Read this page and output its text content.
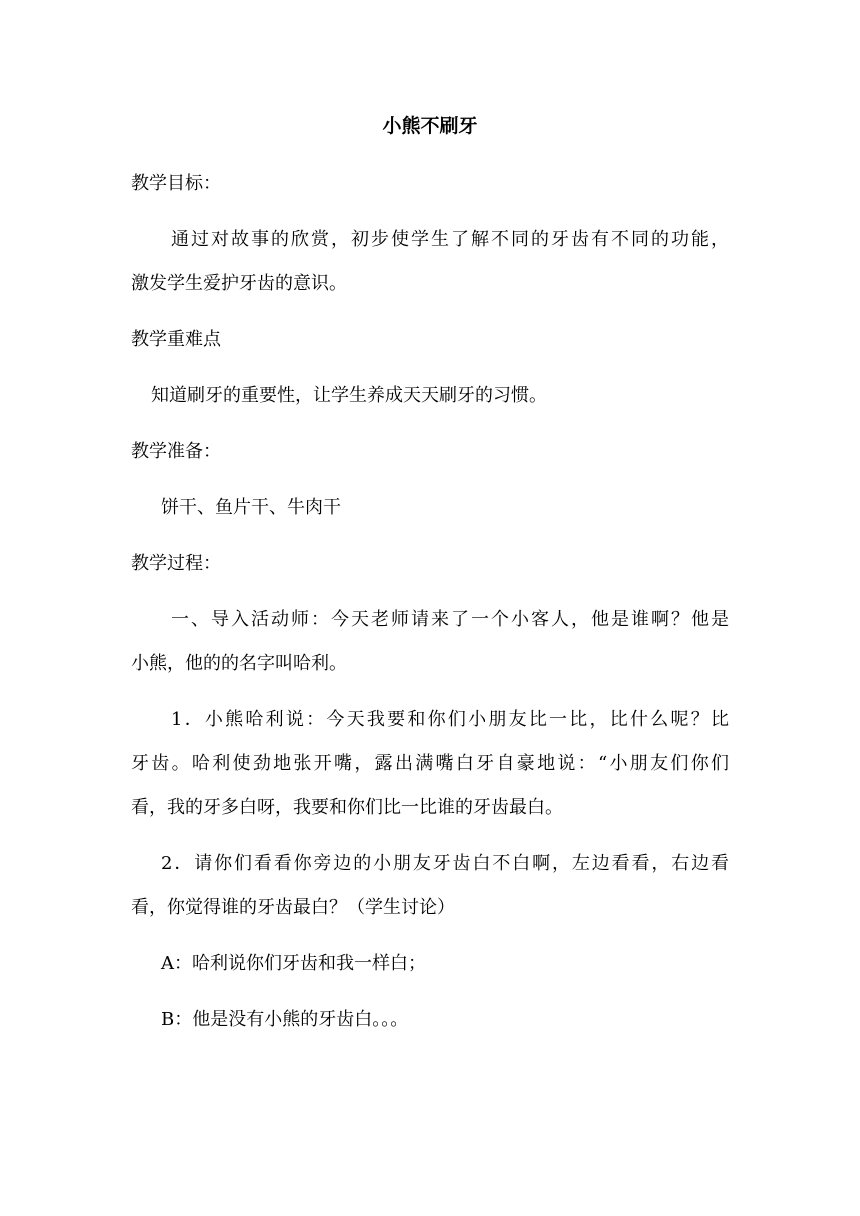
小熊不刷牙

教学目标：

通过对故事的欣赏，初步使学生了解不同的牙齿有不同的功能，

激发学生爱护牙齿的意识。

教学重难点

知道刷牙的重要性，让学生养成天天刷牙的习惯。

教学准备：

饼干、鱼片干、牛肉干

教学过程：

一、导入活动师：今天老师请来了一个小客人，他是谁啊？他是

小熊，他的的名字叫哈利。

1．小熊哈利说：今天我要和你们小朋友比一比，比什么呢？比

牙齿。哈利使劲地张开嘴，露出满嘴白牙自豪地说：“小朋友们你们

看，我的牙多白呀，我要和你们比一比谁的牙齿最白。

2．请你们看看你旁边的小朋友牙齿白不白啊，左边看看，右边看

看，你觉得谁的牙齿最白？（学生讨论）

A：哈利说你们牙齿和我一样白；

B：他是没有小熊的牙齿白。。。
